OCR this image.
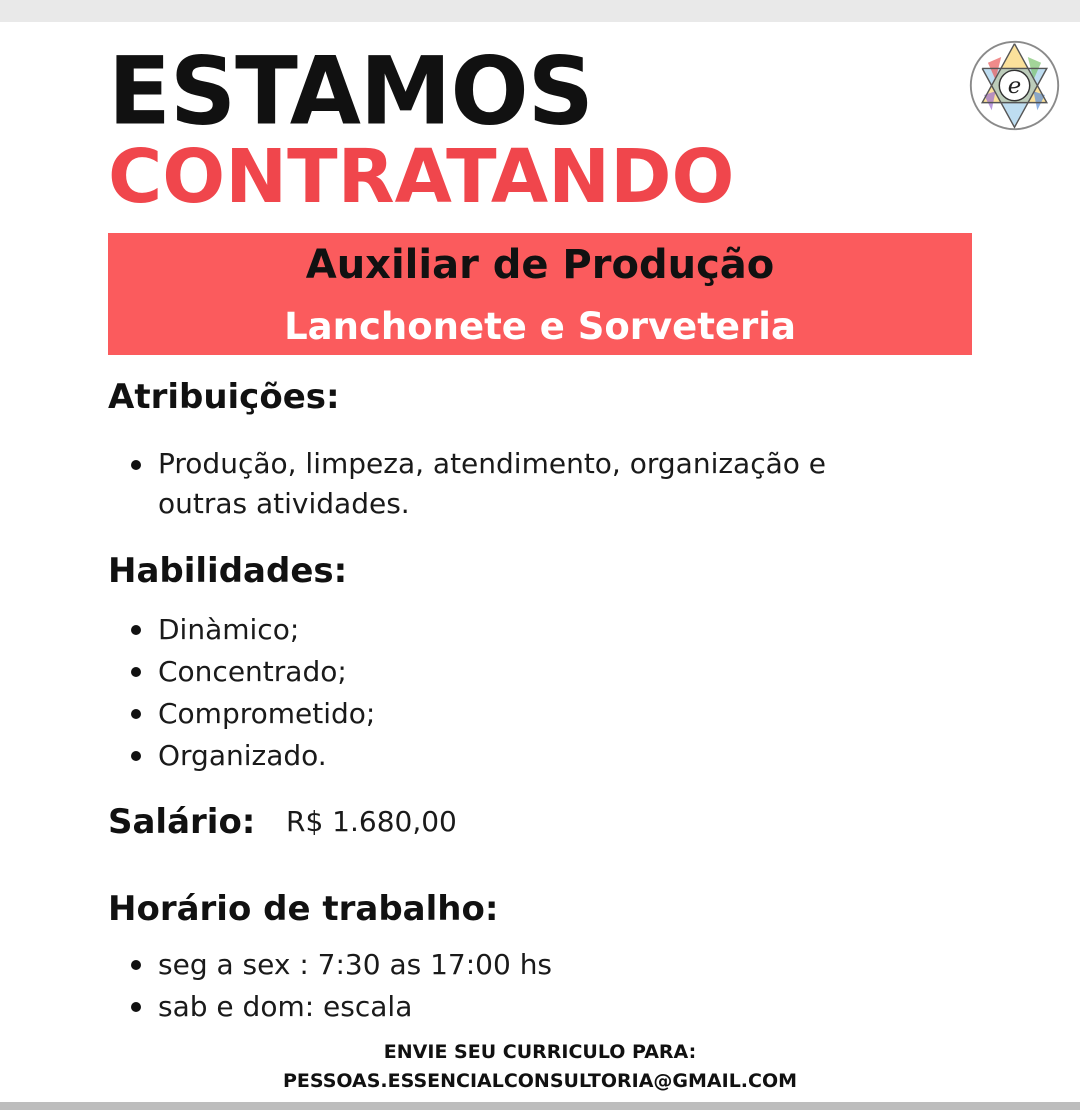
ESTAMOS
CONTRATANDO
e
Auxiliar de Produção
Lanchonete e Sorveteria
Atribuições:
Produção, limpeza, atendimento, organização e outras atividades.
Habilidades:
Dinàmico;
Concentrado;
Comprometido;
Organizado.
Salário: R$ 1.680,00
Horário de trabalho:
seg a sex : 7:30 as 17:00 hs
sab e dom: escala
ENVIE SEU CURRICULO PARA:
PESSOAS.ESSENCIALCONSULTORIA@GMAIL.COM
